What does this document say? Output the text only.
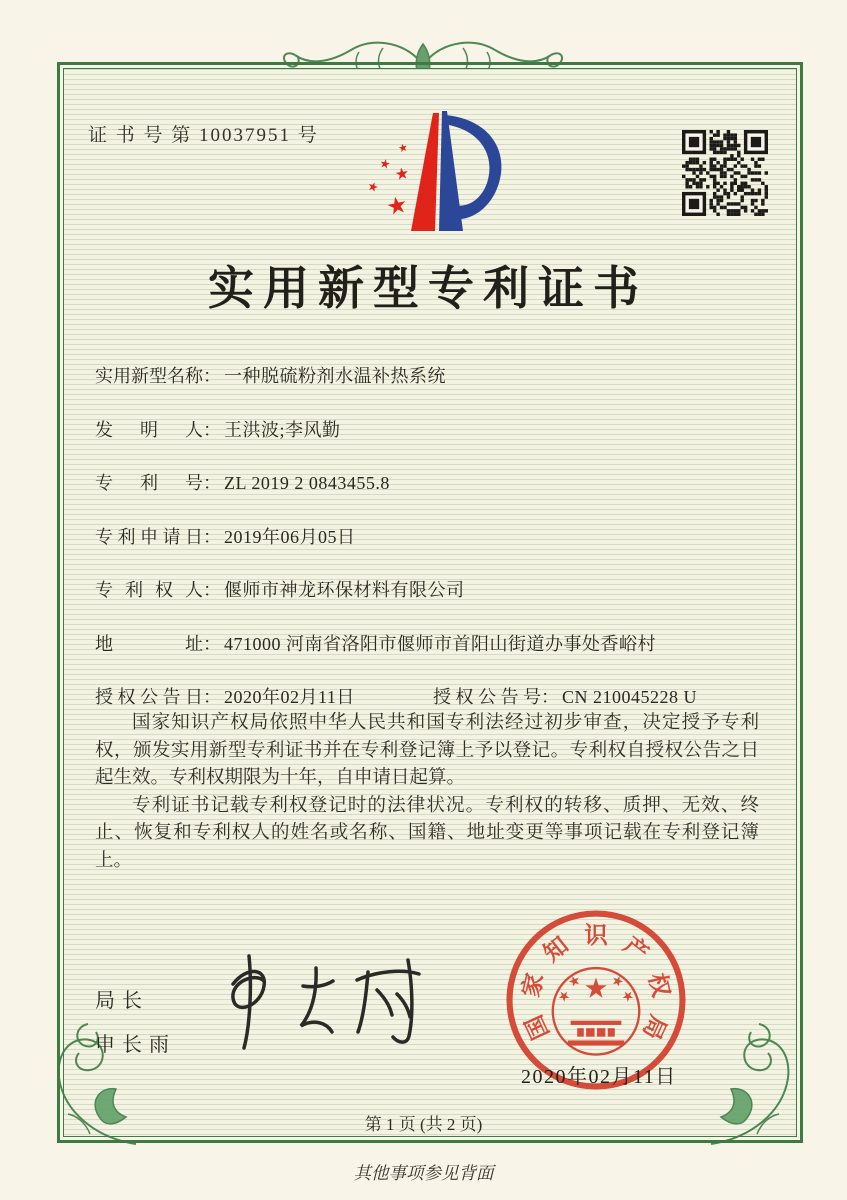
证 书 号 第 10037951 号
实用新型专利证书
实 用 新 型 名 称 ： 一种脱硫粉剂水温补热系统
发 明 人 ： 王洪波;李风勤
专 利 号 ： ZL 2019 2 0843455.8
专 利 申 请 日 ： 2019年06月05日
专 利 权 人 ： 偃师市神龙环保材料有限公司
地	址 ： 471000 河南省洛阳市偃师市首阳山街道办事处香峪村
授 权 公 告 日 ： 2020年02月11日	授 权 公 告 号 ： CN 210045228 U

国家知识产权局依照中华人民共和国专利法经过初步审查，决定授予专利权，颁发实用新型专利证书并在专利登记簿上予以登记。专利权自授权公告之日起生效。专利权期限为十年，自申请日起算。

专利证书记载专利权登记时的法律状况。专利权的转移、质押、无效、终止、恢复和专利权人的姓名或名称、国籍、地址变更等事项记载在专利登记簿上。

局长
申长雨
国
家
知 识 产
权
局
2020年02月11日
第 1 页 (共 2 页)
其他事项参见背面
